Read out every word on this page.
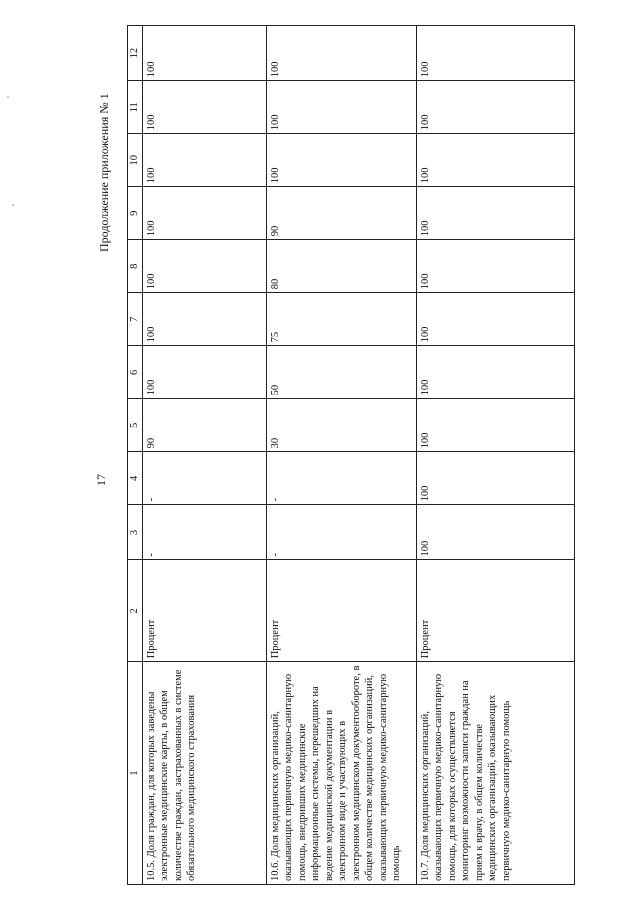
17
Продолжение приложения № 1
1	2	3	4	5	6	7	8	9	10	11	12
10.5. Доля граждан, для которых заведены электронные медицинские карты, в общем количестве граждан, застрахованных в системе обязательного медицинского страхования	Процент	-	-	90	100	100	100	100	100	100	100
10.6. Доля медицинских организаций, оказывающих первичную медико-санитарную помощь, внедривших медицинские информационные системы, перешедших на ведение медицинской документации в электронном виде и участвующих в электронном медицинском документообороте, в общем количестве медицинских организаций, оказывающих первичную медико-санитарную помощь	Процент	-	-	30	50	75	80	90	100	100	100
10.7. Доля медицинских организаций, оказывающих первичную медико-санитарную помощь, для которых осуществляется мониторинг возможности записи граждан на прием к врачу, в общем количестве медицинских организаций, оказывающих первичную медико-санитарную помощь	Процент	100	100	100	100	100	100	100	100	100	100
